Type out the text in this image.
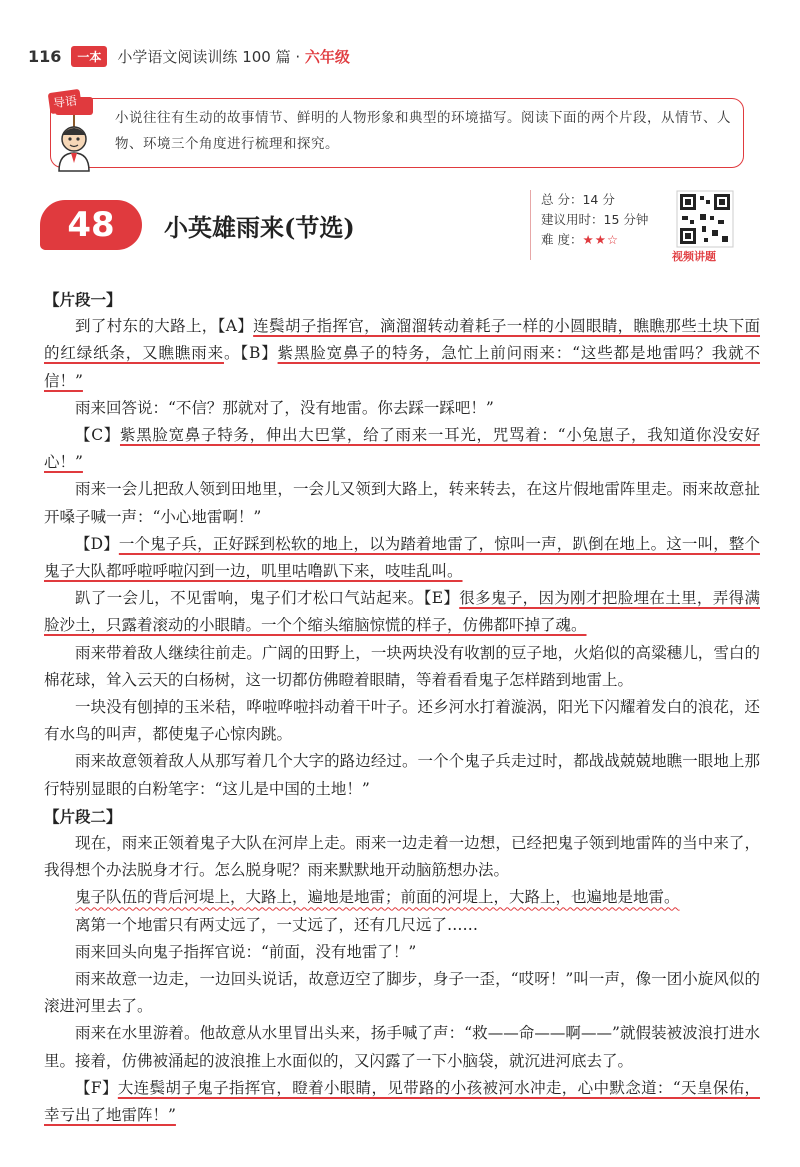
116	一本	小学语文阅读训练 100 篇 · 六年级
导语
小说往往有生动的故事情节、鲜明的人物形象和典型的环境描写。阅读下面的两个片段，从情节、人物、环境三个角度进行梳理和探究。
48	小英雄雨来(节选)
总 分：14 分
建议用时：15 分钟
难 度：★★☆
视频讲题

【片段一】

到了村东的大路上，【A】连鬓胡子指挥官，滴溜溜转动着耗子一样的小圆眼睛，瞧瞧那些土块下面的红绿纸条，又瞧瞧雨来。【B】紫黑脸宽鼻子的特务，急忙上前问雨来：“这些都是地雷吗？我就不信！”

雨来回答说：“不信？那就对了，没有地雷。你去踩一踩吧！”

【C】紫黑脸宽鼻子特务，伸出大巴掌，给了雨来一耳光，咒骂着：“小兔崽子，我知道你没安好心！”

雨来一会儿把敌人领到田地里，一会儿又领到大路上，转来转去，在这片假地雷阵里走。雨来故意扯开嗓子喊一声：“小心地雷啊！”

【D】一个鬼子兵，正好踩到松软的地上，以为踏着地雷了，惊叫一声，趴倒在地上。这一叫，整个鬼子大队都呼啦呼啦闪到一边，叽里咕噜趴下来，吱哇乱叫。

趴了一会儿，不见雷响，鬼子们才松口气站起来。【E】很多鬼子，因为刚才把脸埋在土里，弄得满脸沙土，只露着滚动的小眼睛。一个个缩头缩脑惊慌的样子，仿佛都吓掉了魂。

雨来带着敌人继续往前走。广阔的田野上，一块两块没有收割的豆子地，火焰似的高粱穗儿，雪白的棉花球，耸入云天的白杨树，这一切都仿佛瞪着眼睛，等着看看鬼子怎样踏到地雷上。

一块没有刨掉的玉米秸，哗啦哗啦抖动着干叶子。还乡河水打着漩涡，阳光下闪耀着发白的浪花，还有水鸟的叫声，都使鬼子心惊肉跳。

雨来故意领着敌人从那写着几个大字的路边经过。一个个鬼子兵走过时，都战战兢兢地瞧一眼地上那行特别显眼的白粉笔字：“这儿是中国的土地！”

【片段二】

现在，雨来正领着鬼子大队在河岸上走。雨来一边走着一边想，已经把鬼子领到地雷阵的当中来了，我得想个办法脱身才行。怎么脱身呢？雨来默默地开动脑筋想办法。

鬼子队伍的背后河堤上，大路上，遍地是地雷；前面的河堤上，大路上，也遍地是地雷。

离第一个地雷只有两丈远了，一丈远了，还有几尺远了……

雨来回头向鬼子指挥官说：“前面，没有地雷了！”

雨来故意一边走，一边回头说话，故意迈空了脚步，身子一歪，“哎呀！”叫一声，像一团小旋风似的滚进河里去了。

雨来在水里游着。他故意从水里冒出头来，扬手喊了声：“救——命——啊——”就假装被波浪打进水里。接着，仿佛被涌起的波浪推上水面似的，又闪露了一下小脑袋，就沉进河底去了。

【F】大连鬓胡子鬼子指挥官，瞪着小眼睛，见带路的小孩被河水冲走，心中默念道：“天皇保佑，幸亏出了地雷阵！”
